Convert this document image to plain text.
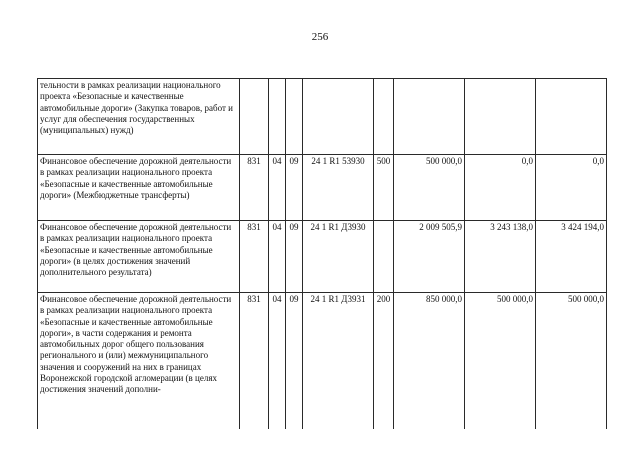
256
тельности в рамках реализации национального проекта «Безопасные и качественные автомобильные дороги» (Закупка товаров, работ и услуг для обеспечения государственных (муниципальных) нужд)								
Финансовое обеспечение дорожной деятельности в рамках реализации национального проекта «Безопасные и качественные автомобильные дороги» (Межбюджетные трансферты)	831	04	09	24 1 R1 53930	500	500 000,0	0,0	0,0
Финансовое обеспечение дорожной деятельности в рамках реализации национального проекта «Безопасные и качественные автомобильные дороги» (в целях достижения значений дополнительного результата)	831	04	09	24 1 R1 Д3930		2 009 505,9	3 243 138,0	3 424 194,0
Финансовое обеспечение дорожной деятельности в рамках реализации национального проекта «Безопасные и качественные автомобильные дороги», в части содержания и ремонта автомобильных дорог общего пользования регионального и (или) межмуниципального значения и сооружений на них в границах Воронежской городской агломерации (в целях достижения значений дополни-	831	04	09	24 1 R1 Д3931	200	850 000,0	500 000,0	500 000,0
